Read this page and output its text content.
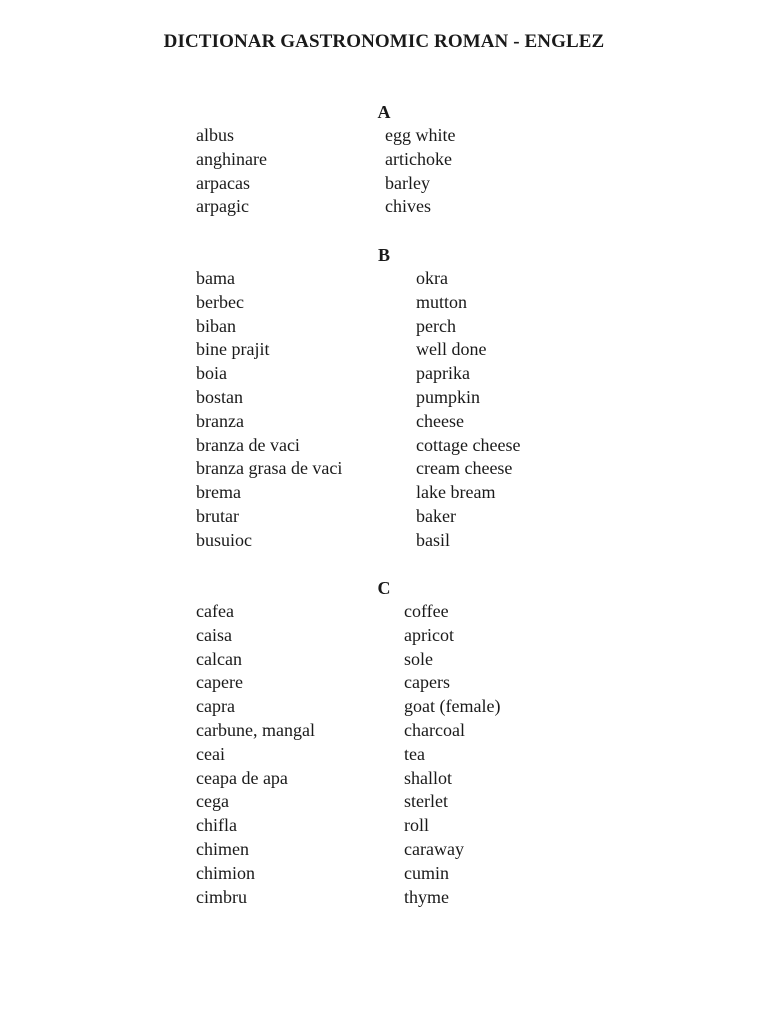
DICTIONAR GASTRONOMIC ROMAN - ENGLEZ
A
albus	egg white
anghinare	artichoke
arpacas	barley
arpagic	chives
B
bama	okra
berbec	mutton
biban	perch
bine prajit	well done
boia	paprika
bostan	pumpkin
branza	cheese
branza de vaci	cottage cheese
branza grasa de vaci	cream cheese
brema	lake bream
brutar	baker
busuioc	basil
C
cafea	coffee
caisa	apricot
calcan	sole
capere	capers
capra	goat (female)
carbune, mangal	charcoal
ceai	tea
ceapa de apa	shallot
cega	sterlet
chifla	roll
chimen	caraway
chimion	cumin
cimbru	thyme
